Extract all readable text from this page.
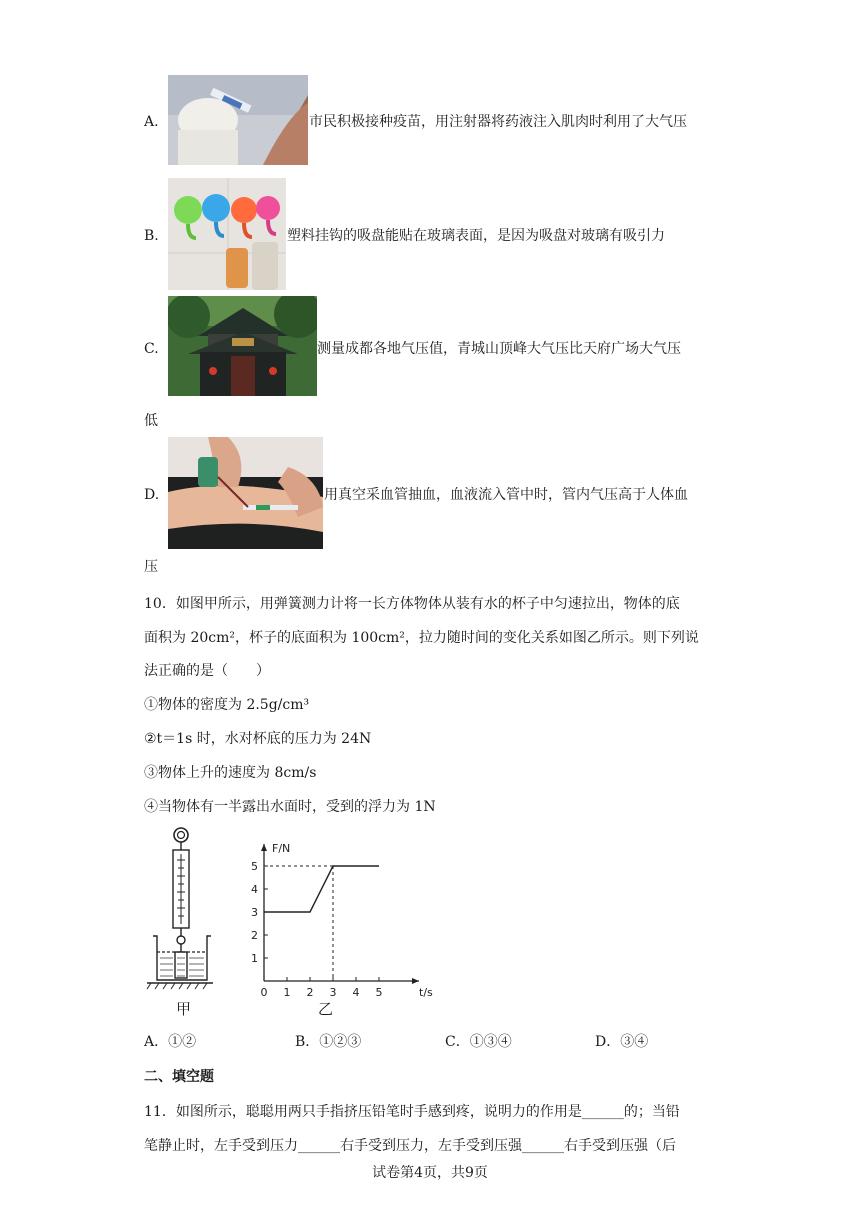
A.	市民积极接种疫苗，用注射器将药液注入肌肉时利用了大气压
B.	塑料挂钩的吸盘能贴在玻璃表面，是因为吸盘对玻璃有吸引力
C.	测量成都各地气压值，青城山顶峰大气压比天府广场大气压
低
D.	用真空采血管抽血，血液流入管中时，管内气压高于人体血
压
10．如图甲所示，用弹簧测力计将一长方体物体从装有水的杯子中匀速拉出，物体的底
面积为 20cm²，杯子的底面积为 100cm²，拉力随时间的变化关系如图乙所示。则下列说
法正确的是（　　）
①物体的密度为 2.5g/cm³
②t＝1s 时，水对杯底的压力为 24N
③物体上升的速度为 8cm/s
④当物体有一半露出水面时，受到的浮力为 1N
甲
0 1 2 3 4 5
1
2
3
4
5
F/N
t/s
乙
A．①②	B．①②③	C．①③④	D．③④
二、填空题
11．如图所示，聪聪用两只手指挤压铅笔时手感到疼，说明力的作用是______的；当铅
笔静止时，左手受到压力______右手受到压力，左手受到压强______右手受到压强（后
试卷第4页，共9页
